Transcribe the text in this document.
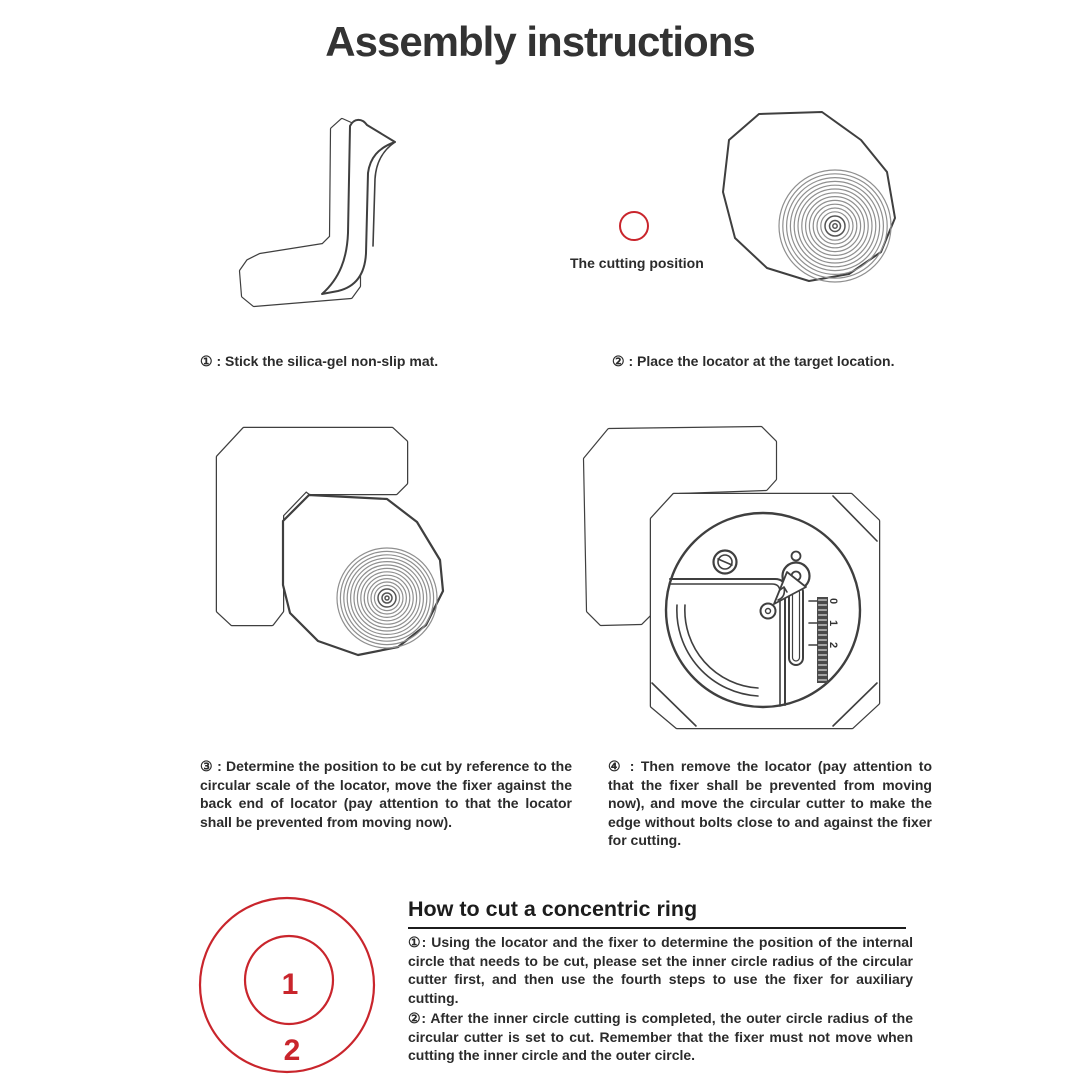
Assembly instructions
The cutting position
① : Stick the silica-gel non-slip mat.	② : Place the locator at the target location.
0
1
2
③ : Determine the position to be cut by reference to the circular scale of the locator, move the fixer against the back end of locator (pay attention to that the locator shall be prevented from moving now).
④ : Then remove the locator (pay attention to that the fixer shall be prevented from moving now), and move the circular cutter to make the edge without bolts close to and against the fixer for cutting.
1
2
How to cut a concentric ring
①: Using the locator and the fixer to determine the position of the internal circle that needs to be cut, please set the inner circle radius of the circular cutter first, and then use the fourth steps to use the fixer for auxiliary cutting.
②: After the inner circle cutting is completed, the outer circle radius of the circular cutter is set to cut. Remember that the fixer must not move when cutting the inner circle and the outer circle.
